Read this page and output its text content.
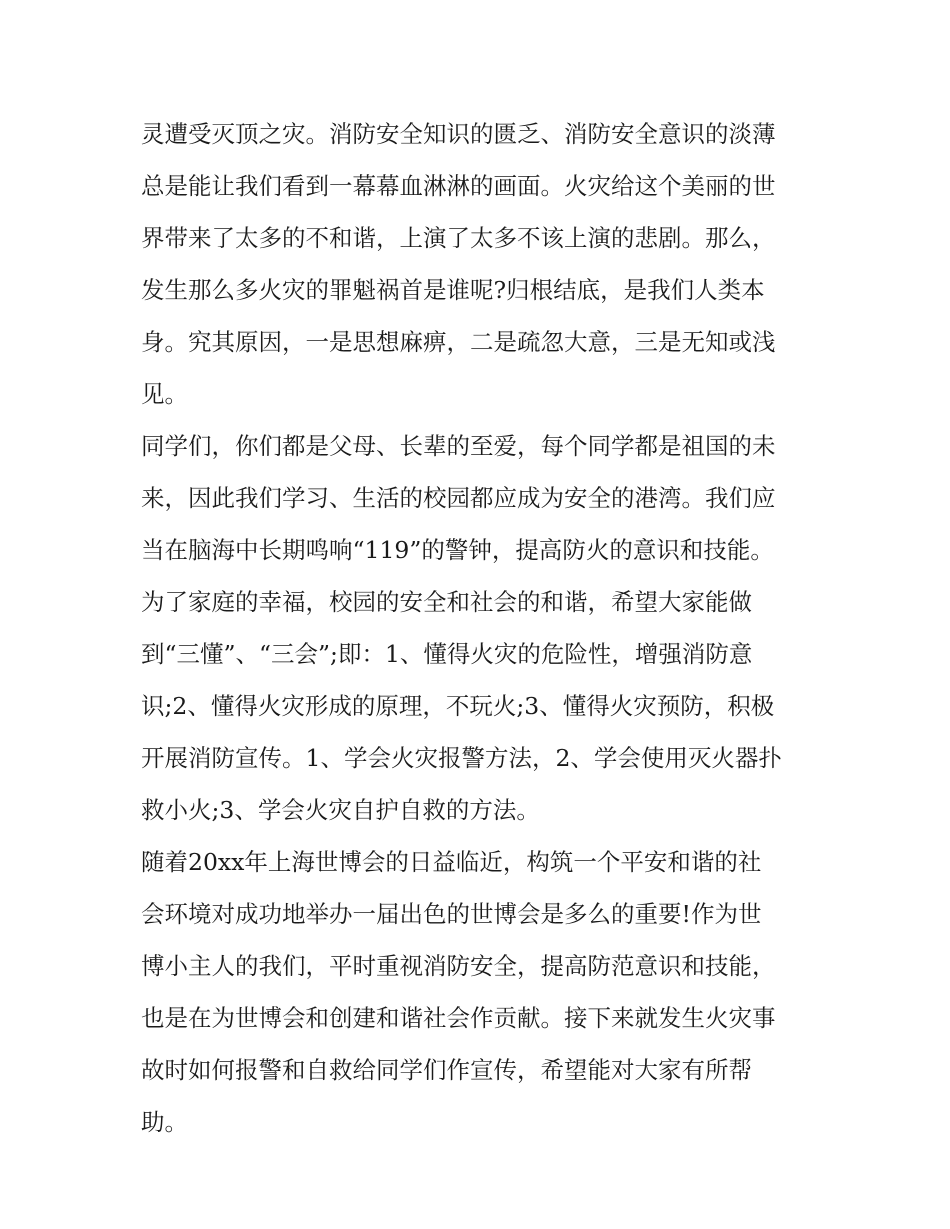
灵遭受灭顶之灾。消防安全知识的匮乏、消防安全意识的淡薄
总是能让我们看到一幕幕血淋淋的画面。火灾给这个美丽的世
界带来了太多的不和谐，上演了太多不该上演的悲剧。那么，
发生那么多火灾的罪魁祸首是谁呢?归根结底，是我们人类本
身。究其原因，一是思想麻痹，二是疏忽大意，三是无知或浅
见。
同学们，你们都是父母、长辈的至爱，每个同学都是祖国的未
来，因此我们学习、生活的校园都应成为安全的港湾。我们应
当在脑海中长期鸣响“119”的警钟，提高防火的意识和技能。
为了家庭的幸福，校园的安全和社会的和谐，希望大家能做
到“三懂”、“三会”;即：1、懂得火灾的危险性，增强消防意
识;2、懂得火灾形成的原理，不玩火;3、懂得火灾预防，积极
开展消防宣传。1、学会火灾报警方法，2、学会使用灭火器扑
救小火;3、学会火灾自护自救的方法。
随着20xx年上海世博会的日益临近，构筑一个平安和谐的社
会环境对成功地举办一届出色的世博会是多么的重要!作为世
博小主人的我们，平时重视消防安全，提高防范意识和技能，
也是在为世博会和创建和谐社会作贡献。接下来就发生火灾事
故时如何报警和自救给同学们作宣传，希望能对大家有所帮
助。
